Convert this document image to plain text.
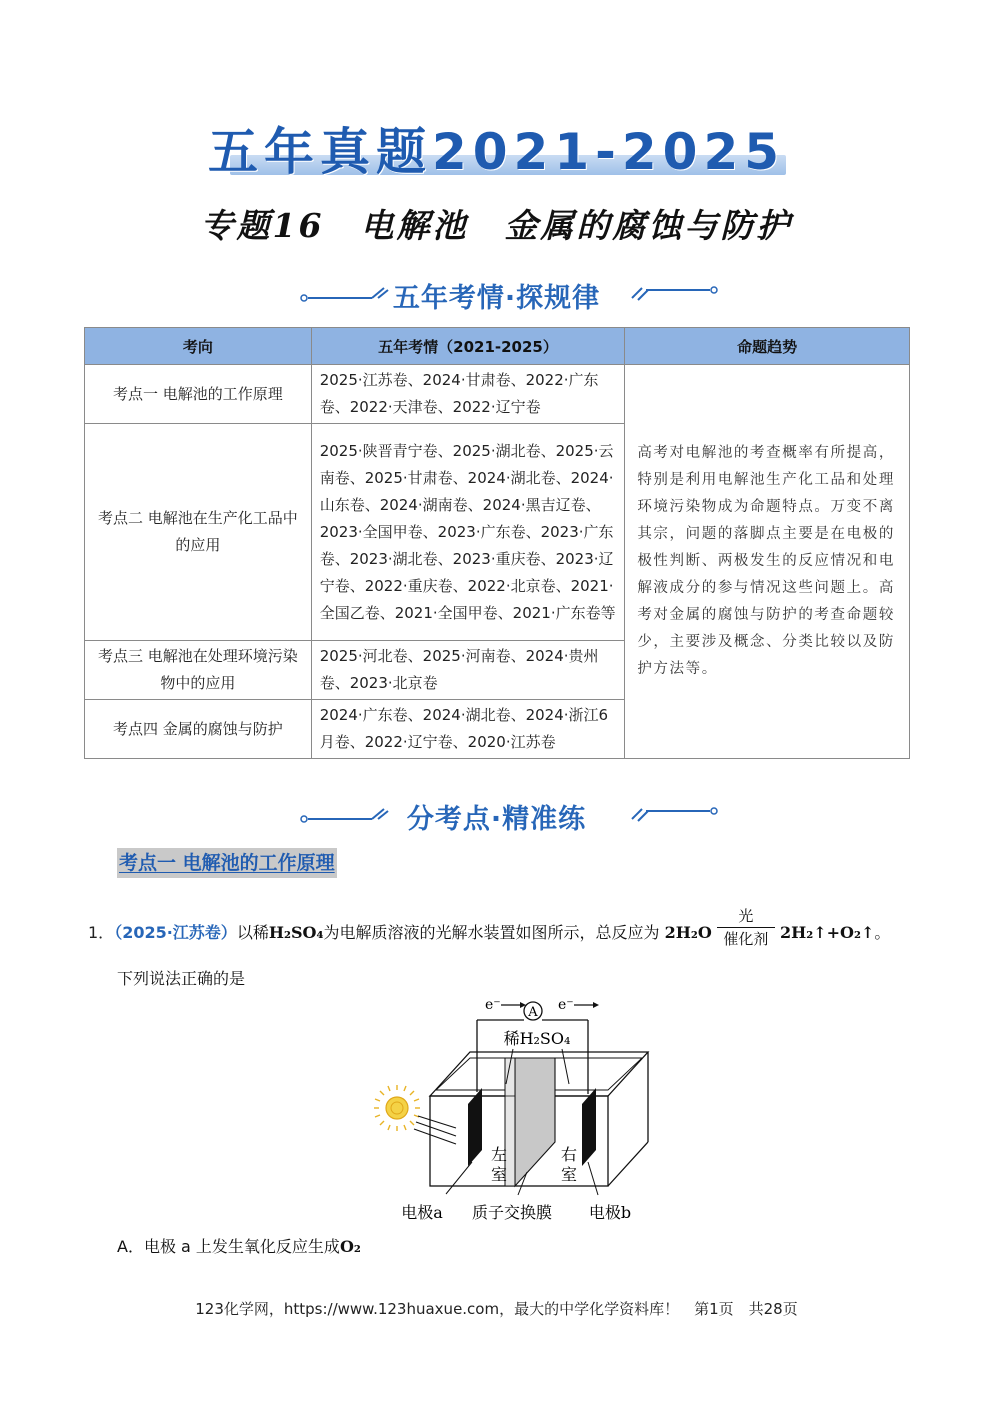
五年真题2021-2025
专题16　电解池　金属的腐蚀与防护
五年考情·探规律
考向	五年考情（2021-2025）	命题趋势
考点一 电解池的工作原理	2025·江苏卷、2024·甘肃卷、2022·广东卷、2022·天津卷、2022·辽宁卷	高考对电解池的考查概率有所提高，特别是利用电解池生产化工品和处理环境污染物成为命题特点。万变不离其宗，问题的落脚点主要是在电极的极性判断、两极发生的反应情况和电解液成分的参与情况这些问题上。高考对金属的腐蚀与防护的考查命题较少，主要涉及概念、分类比较以及防护方法等。
考点二 电解池在生产化工品中的应用	2025·陕晋青宁卷、2025·湖北卷、2025·云南卷、2025·甘肃卷、2024·湖北卷、2024·山东卷、2024·湖南卷、2024·黑吉辽卷、2023·全国甲卷、2023·广东卷、2023·广东卷、2023·湖北卷、2023·重庆卷、2023·辽宁卷、2022·重庆卷、2022·北京卷、2021·全国乙卷、2021·全国甲卷、2021·广东卷等	
考点三 电解池在处理环境污染物中的应用	2025·河北卷、2025·河南卷、2024·贵州卷、2023·北京卷	
考点四 金属的腐蚀与防护	2024·广东卷、2024·湖北卷、2024·浙江6月卷、2022·辽宁卷、2020·江苏卷	
分考点·精准练
考点一 电解池的工作原理
1．（2025·江苏卷）以稀H₂SO₄为电解质溶液的光解水装置如图所示，总反应为 $2H_2O \frac{\text{光}}{\text{催化剂}}$ 2H₂↑+O₂↑。
下列说法正确的是
A
e⁻	e⁻
稀H₂SO₄
左
室
右
室
电极a 质子交换膜 电极b
A．电极 a 上发生氧化反应生成O₂
123化学网，https://www.123huaxue.com，最大的中学化学资料库！　第1页　共28页
